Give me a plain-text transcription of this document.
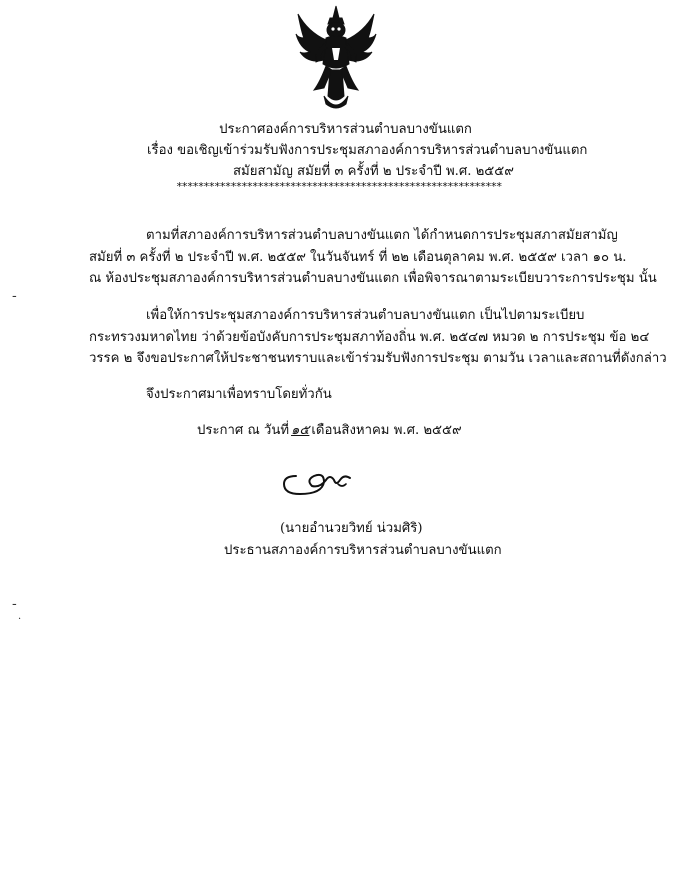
ประกาศองค์การบริหารส่วนตำบลบางขันแตก
เรื่อง ขอเชิญเข้าร่วมรับฟังการประชุมสภาองค์การบริหารส่วนตำบลบางขันแตก
สมัยสามัญ สมัยที่ ๓ ครั้งที่ ๒ ประจำปี พ.ศ. ๒๕๕๙
************************************************************
ตามที่สภาองค์การบริหารส่วนตำบลบางขันแตก ได้กำหนดการประชุมสภาสมัยสามัญ
สมัยที่ ๓ ครั้งที่ ๒ ประจำปี พ.ศ. ๒๕๕๙ ในวันจันทร์ ที่ ๒๒ เดือนตุลาคม พ.ศ. ๒๕๕๙ เวลา ๑๐ น.
ณ ห้องประชุมสภาองค์การบริหารส่วนตำบลบางขันแตก เพื่อพิจารณาตามระเบียบวาระการประชุม นั้น
เพื่อให้การประชุมสภาองค์การบริหารส่วนตำบลบางขันแตก เป็นไปตามระเบียบ
กระทรวงมหาดไทย ว่าด้วยข้อบังคับการประชุมสภาท้องถิ่น พ.ศ. ๒๕๔๗ หมวด ๒ การประชุม ข้อ ๒๔
วรรค ๒ จึงขอประกาศให้ประชาชนทราบและเข้าร่วมรับฟังการประชุม ตามวัน เวลาและสถานที่ดังกล่าว
จึงประกาศมาเพื่อทราบโดยทั่วกัน
ประกาศ ณ วันที่ ๑๕ เดือนสิงหาคม พ.ศ. ๒๕๕๙
(นายอำนวยวิทย์ น่วมศิริ)
ประธานสภาองค์การบริหารส่วนตำบลบางขันแตก
-
-
·
